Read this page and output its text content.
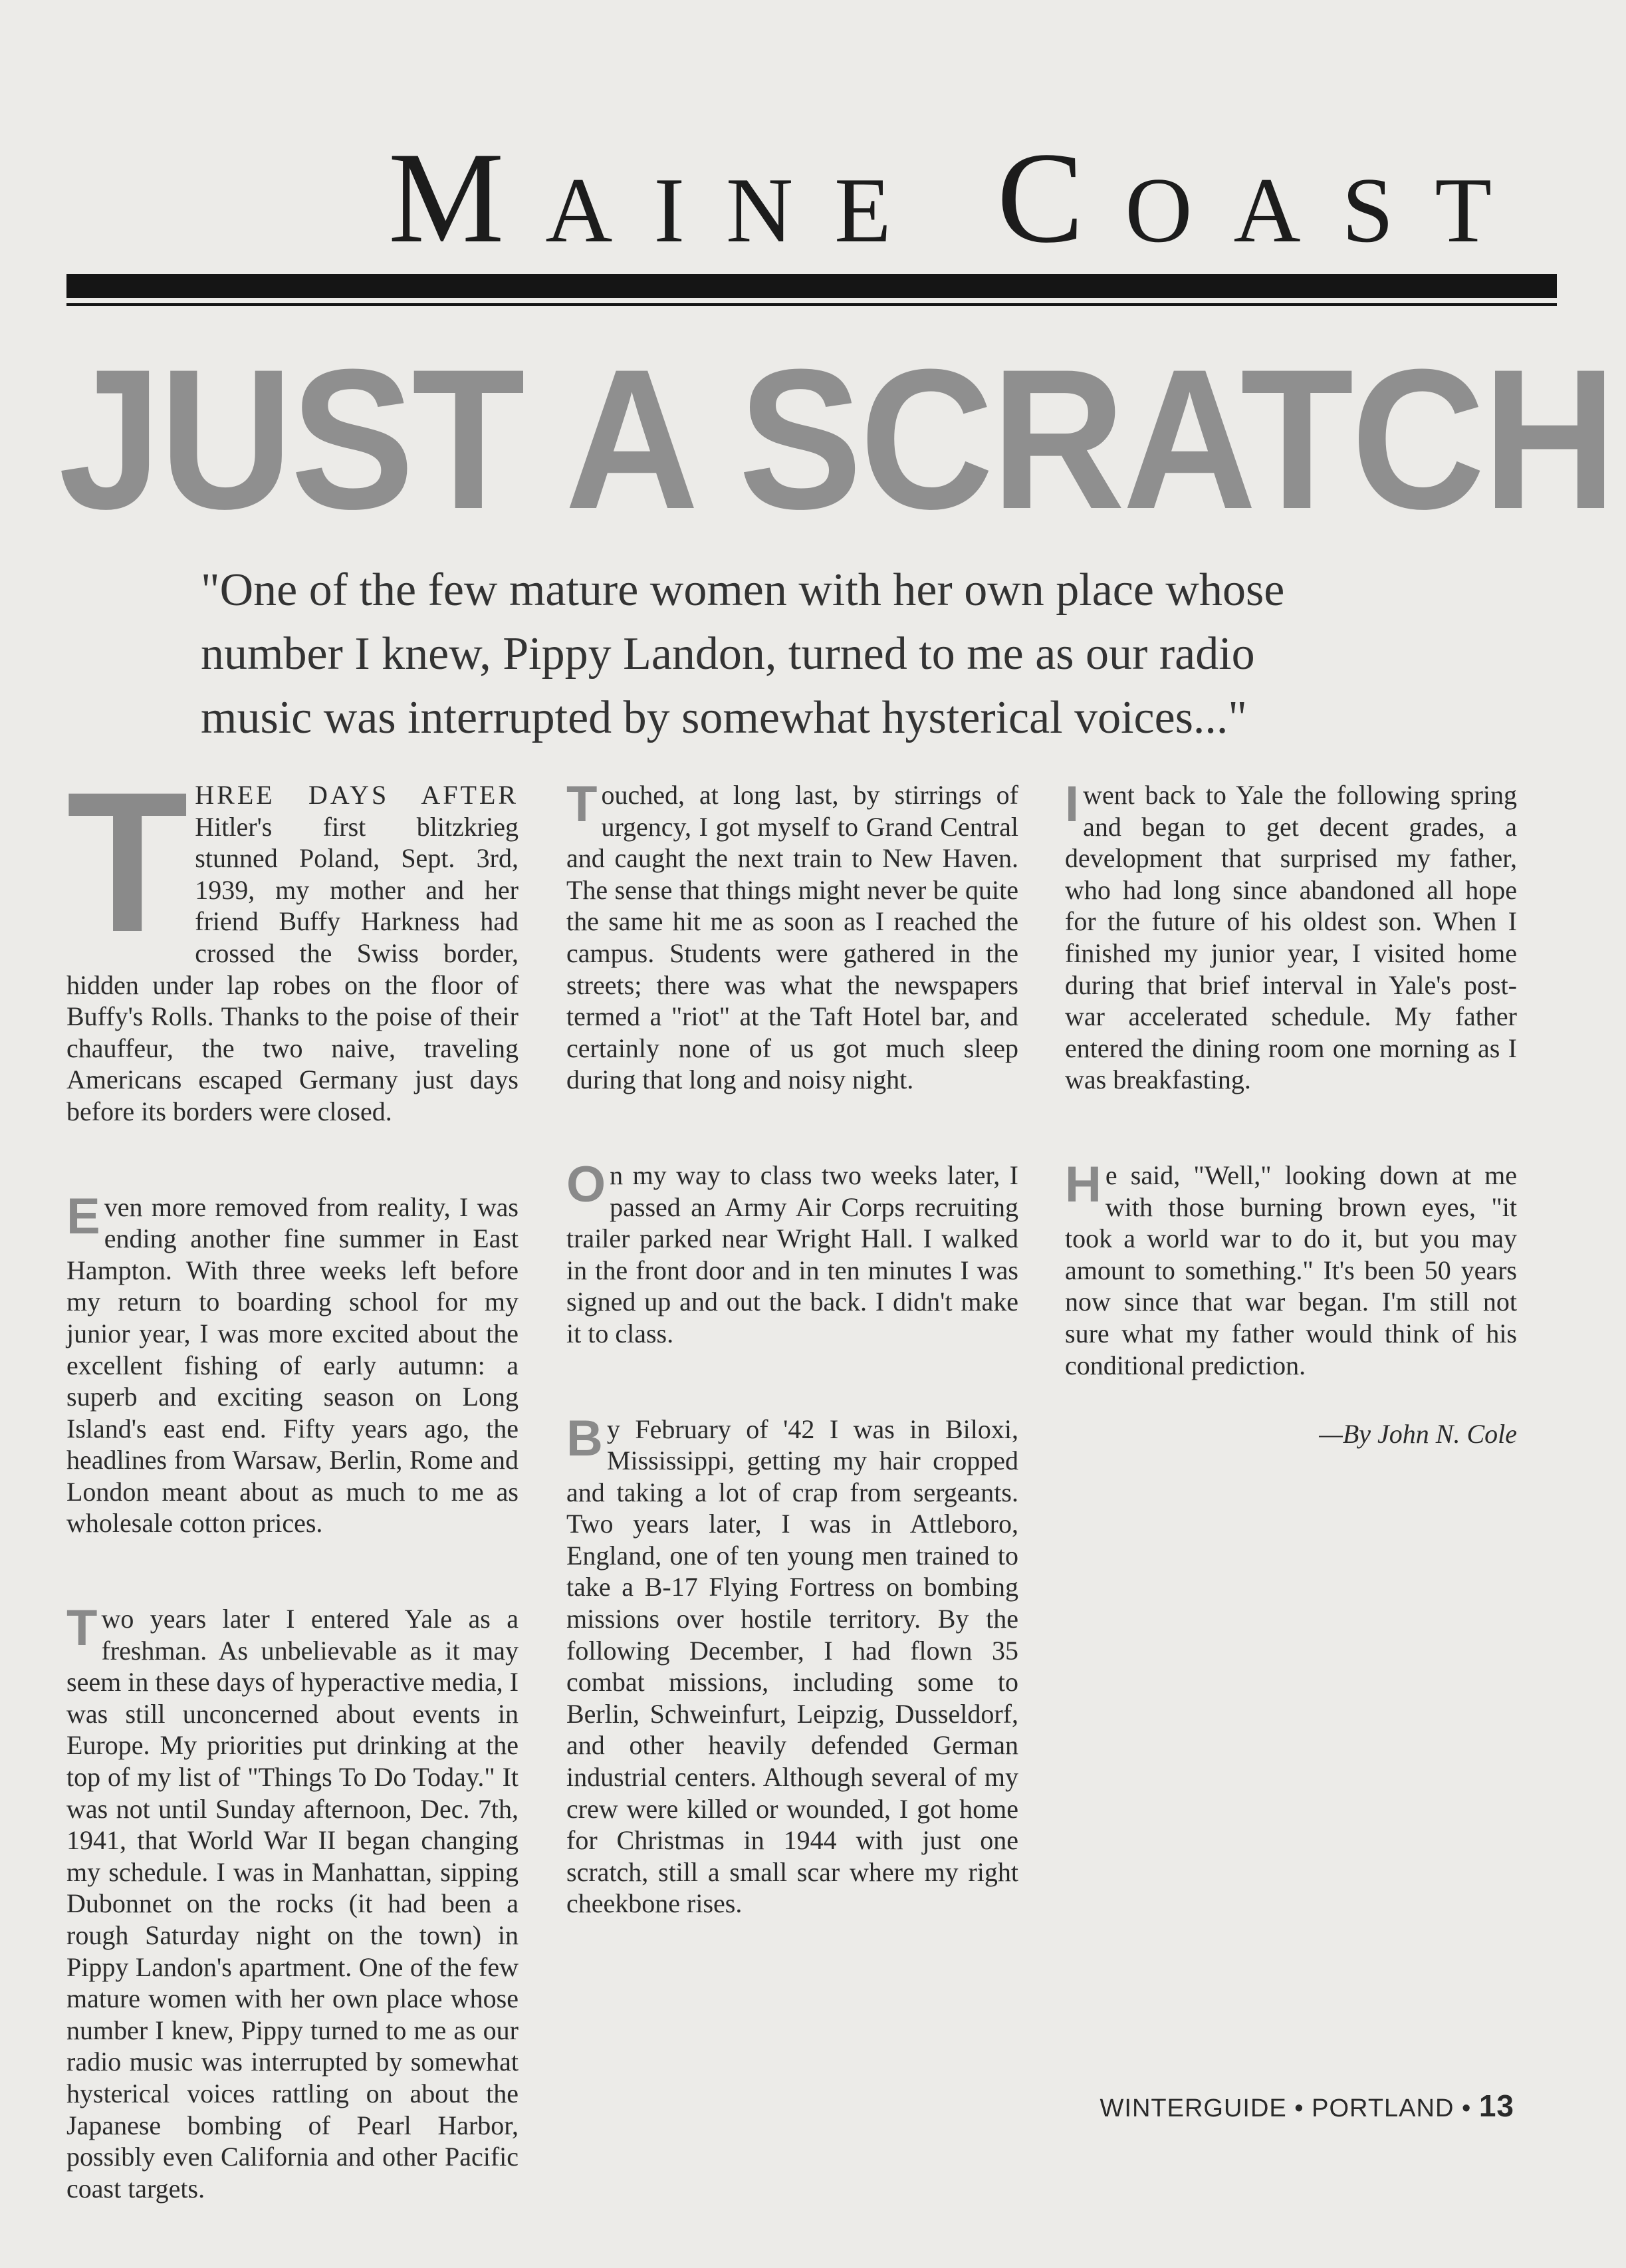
MAINE COAST
JUST A SCRATCH
"One of the few mature women with her own place whose number I knew, Pippy Landon, turned to me as our radio music was interrupted by somewhat hysterical voices..."

THREE DAYS AFTER Hitler's first blitzkrieg stunned Poland, Sept. 3rd, 1939, my mother and her friend Buffy Harkness had crossed the Swiss border, hidden under lap robes on the floor of Buffy's Rolls. Thanks to the poise of their chauffeur, the two naive, traveling Americans escaped Germany just days before its borders were closed.

Even more removed from reality, I was ending another fine summer in East Hampton. With three weeks left before my return to boarding school for my junior year, I was more excited about the excellent fishing of early autumn: a superb and exciting season on Long Island's east end. Fifty years ago, the headlines from Warsaw, Berlin, Rome and London meant about as much to me as wholesale cotton prices.

Two years later I entered Yale as a freshman. As unbelievable as it may seem in these days of hyperactive media, I was still unconcerned about events in Europe. My priorities put drinking at the top of my list of "Things To Do Today." It was not until Sunday afternoon, Dec. 7th, 1941, that World War II began changing my schedule. I was in Manhattan, sipping Dubonnet on the rocks (it had been a rough Saturday night on the town) in Pippy Landon's apartment. One of the few mature women with her own place whose number I knew, Pippy turned to me as our radio music was interrupted by somewhat hysterical voices rattling on about the Japanese bombing of Pearl Harbor, possibly even California and other Pacific coast targets.

Touched, at long last, by stirrings of urgency, I got myself to Grand Central and caught the next train to New Haven. The sense that things might never be quite the same hit me as soon as I reached the campus. Students were gathered in the streets; there was what the newspapers termed a "riot" at the Taft Hotel bar, and certainly none of us got much sleep during that long and noisy night.

On my way to class two weeks later, I passed an Army Air Corps recruiting trailer parked near Wright Hall. I walked in the front door and in ten minutes I was signed up and out the back. I didn't make it to class.

By February of '42 I was in Biloxi, Mississippi, getting my hair cropped and taking a lot of crap from sergeants. Two years later, I was in Attleboro, England, one of ten young men trained to take a B-17 Flying Fortress on bombing missions over hostile territory. By the following December, I had flown 35 combat missions, including some to Berlin, Schweinfurt, Leipzig, Dusseldorf, and other heavily defended German industrial centers. Although several of my crew were killed or wounded, I got home for Christmas in 1944 with just one scratch, still a small scar where my right cheekbone rises.

I went back to Yale the following spring and began to get decent grades, a development that surprised my father, who had long since abandoned all hope for the future of his oldest son. When I finished my junior year, I visited home during that brief interval in Yale's post-war accelerated schedule. My father entered the dining room one morning as I was breakfasting.

He said, "Well," looking down at me with those burning brown eyes, "it took a world war to do it, but you may amount to something." It's been 50 years now since that war began. I'm still not sure what my father would think of his conditional prediction.

—By John N. Cole
WINTERGUIDE • PORTLAND • 13
